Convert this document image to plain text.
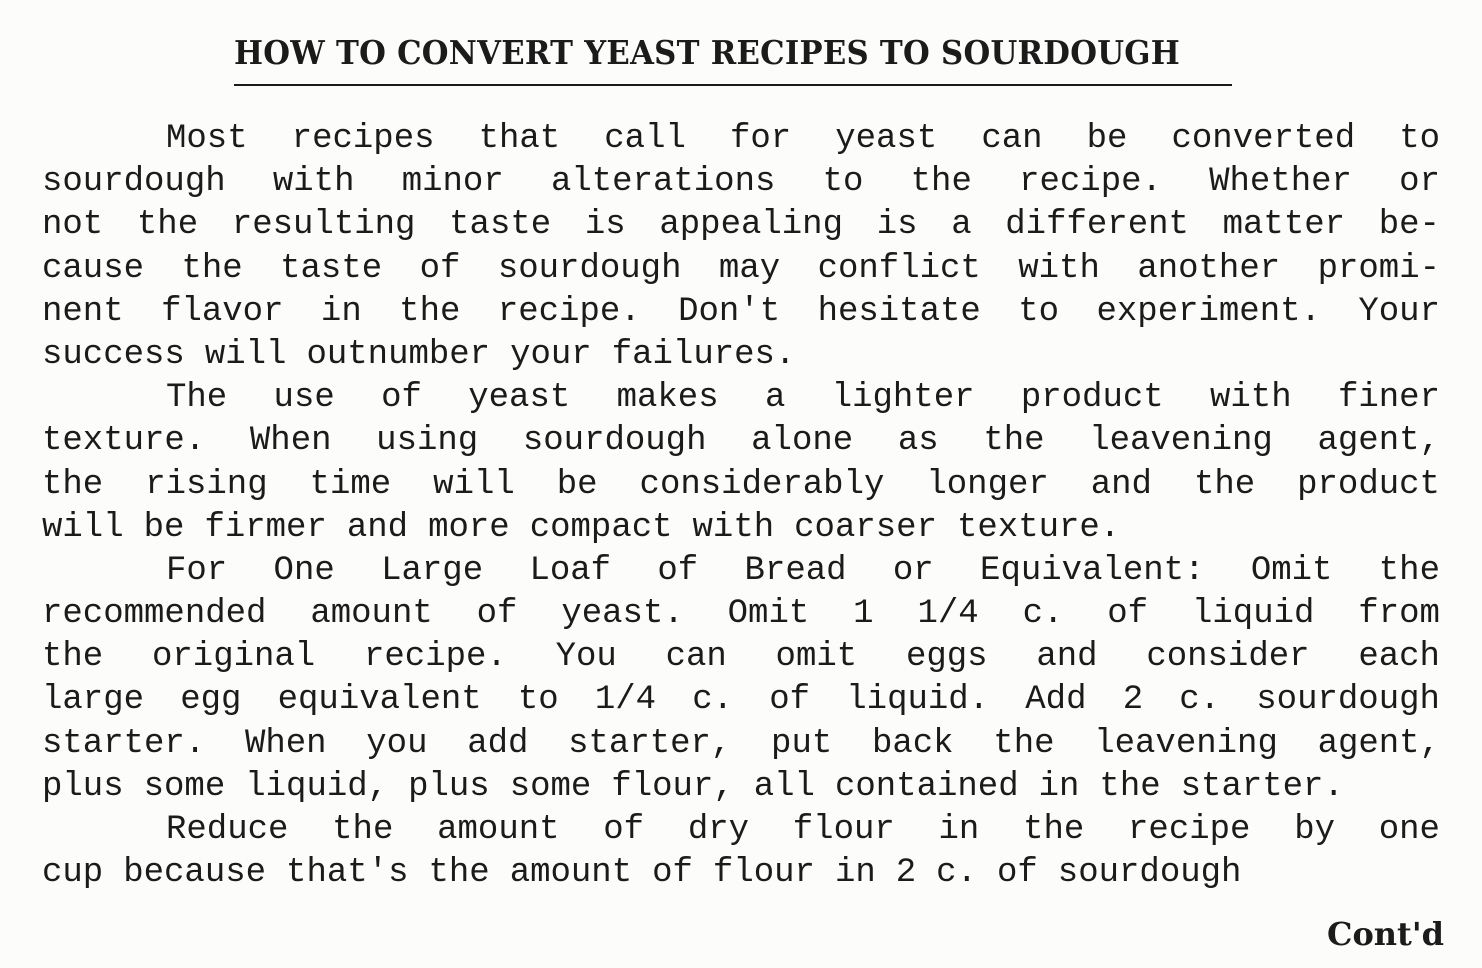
HOW TO CONVERT YEAST RECIPES TO SOURDOUGH
Most recipes that call for yeast can be converted to
sourdough with minor alterations to the recipe. Whether or
not the resulting taste is appealing is a different matter be-
cause the taste of sourdough may conflict with another promi-
nent flavor in the recipe. Don't hesitate to experiment. Your
success will outnumber your failures.
The use of yeast makes a lighter product with finer
texture. When using sourdough alone as the leavening agent,
the rising time will be considerably longer and the product
will be firmer and more compact with coarser texture.
For One Large Loaf of Bread or Equivalent: Omit the
recommended amount of yeast. Omit 1 1/4 c. of liquid from
the original recipe. You can omit eggs and consider each
large egg equivalent to 1/4 c. of liquid. Add 2 c. sourdough
starter. When you add starter, put back the leavening agent,
plus some liquid, plus some flour, all contained in the starter.
Reduce the amount of dry flour in the recipe by one
cup because that's the amount of flour in 2 c. of sourdough
Cont'd
